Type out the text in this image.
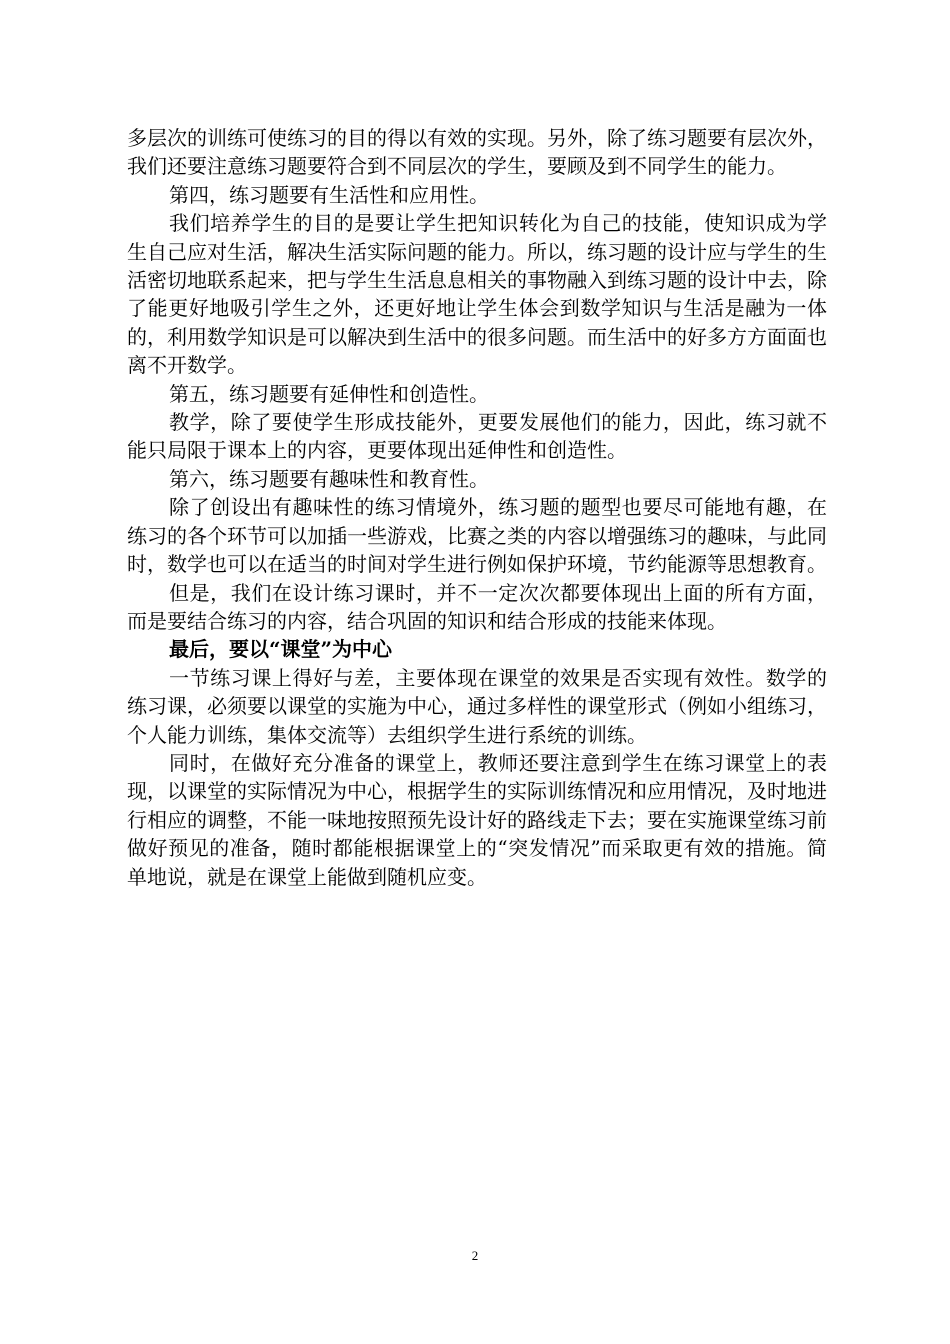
多层次的训练可使练习的目的得以有效的实现。另外，除了练习题要有层次外，我们还要注意练习题要符合到不同层次的学生，要顾及到不同学生的能力。

第四，练习题要有生活性和应用性。

我们培养学生的目的是要让学生把知识转化为自己的技能，使知识成为学生自己应对生活，解决生活实际问题的能力。所以，练习题的设计应与学生的生活密切地联系起来，把与学生生活息息相关的事物融入到练习题的设计中去，除了能更好地吸引学生之外，还更好地让学生体会到数学知识与生活是融为一体的，利用数学知识是可以解决到生活中的很多问题。而生活中的好多方方面面也离不开数学。

第五，练习题要有延伸性和创造性。

教学，除了要使学生形成技能外，更要发展他们的能力，因此，练习就不能只局限于课本上的内容，更要体现出延伸性和创造性。

第六，练习题要有趣味性和教育性。

除了创设出有趣味性的练习情境外，练习题的题型也要尽可能地有趣，在练习的各个环节可以加插一些游戏，比赛之类的内容以增强练习的趣味，与此同时，数学也可以在适当的时间对学生进行例如保护环境，节约能源等思想教育。

但是，我们在设计练习课时，并不一定次次都要体现出上面的所有方面，而是要结合练习的内容，结合巩固的知识和结合形成的技能来体现。

最后，要以“课堂”为中心

一节练习课上得好与差，主要体现在课堂的效果是否实现有效性。数学的练习课，必须要以课堂的实施为中心，通过多样性的课堂形式（例如小组练习，个人能力训练，集体交流等）去组织学生进行系统的训练。

同时，在做好充分准备的课堂上，教师还要注意到学生在练习课堂上的表现，以课堂的实际情况为中心，根据学生的实际训练情况和应用情况，及时地进行相应的调整，不能一味地按照预先设计好的路线走下去；要在实施课堂练习前做好预见的准备，随时都能根据课堂上的“突发情况”而采取更有效的措施。简单地说，就是在课堂上能做到随机应变。

2
